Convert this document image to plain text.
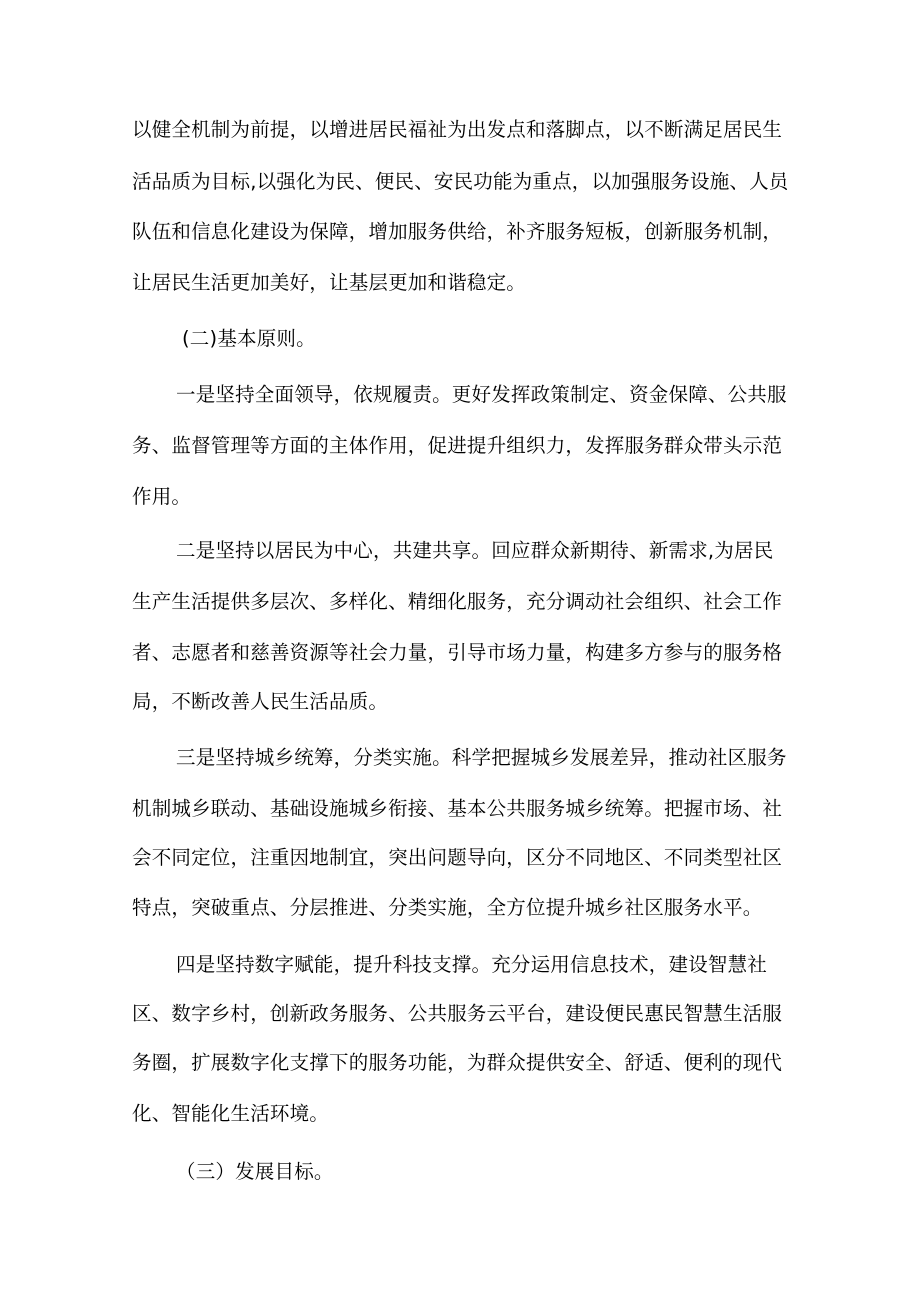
以健全机制为前提，以增进居民福祉为出发点和落脚点，以不断满足居民生
活品质为目标,以强化为民、便民、安民功能为重点，以加强服务设施、人员
队伍和信息化建设为保障，增加服务供给，补齐服务短板，创新服务机制，
让居民生活更加美好，让基层更加和谐稳定。
(二)基本原则。
一是坚持全面领导，依规履责。更好发挥政策制定、资金保障、公共服
务、监督管理等方面的主体作用，促进提升组织力，发挥服务群众带头示范
作用。
二是坚持以居民为中心，共建共享。回应群众新期待、新需求,为居民
生产生活提供多层次、多样化、精细化服务，充分调动社会组织、社会工作
者、志愿者和慈善资源等社会力量，引导市场力量，构建多方参与的服务格
局，不断改善人民生活品质。
三是坚持城乡统筹，分类实施。科学把握城乡发展差异，推动社区服务
机制城乡联动、基础设施城乡衔接、基本公共服务城乡统筹。把握市场、社
会不同定位，注重因地制宜，突出问题导向，区分不同地区、不同类型社区
特点，突破重点、分层推进、分类实施，全方位提升城乡社区服务水平。
四是坚持数字赋能，提升科技支撑。充分运用信息技术，建设智慧社
区、数字乡村，创新政务服务、公共服务云平台，建设便民惠民智慧生活服
务圈，扩展数字化支撑下的服务功能，为群众提供安全、舒适、便利的现代
化、智能化生活环境。
（三）发展目标。
